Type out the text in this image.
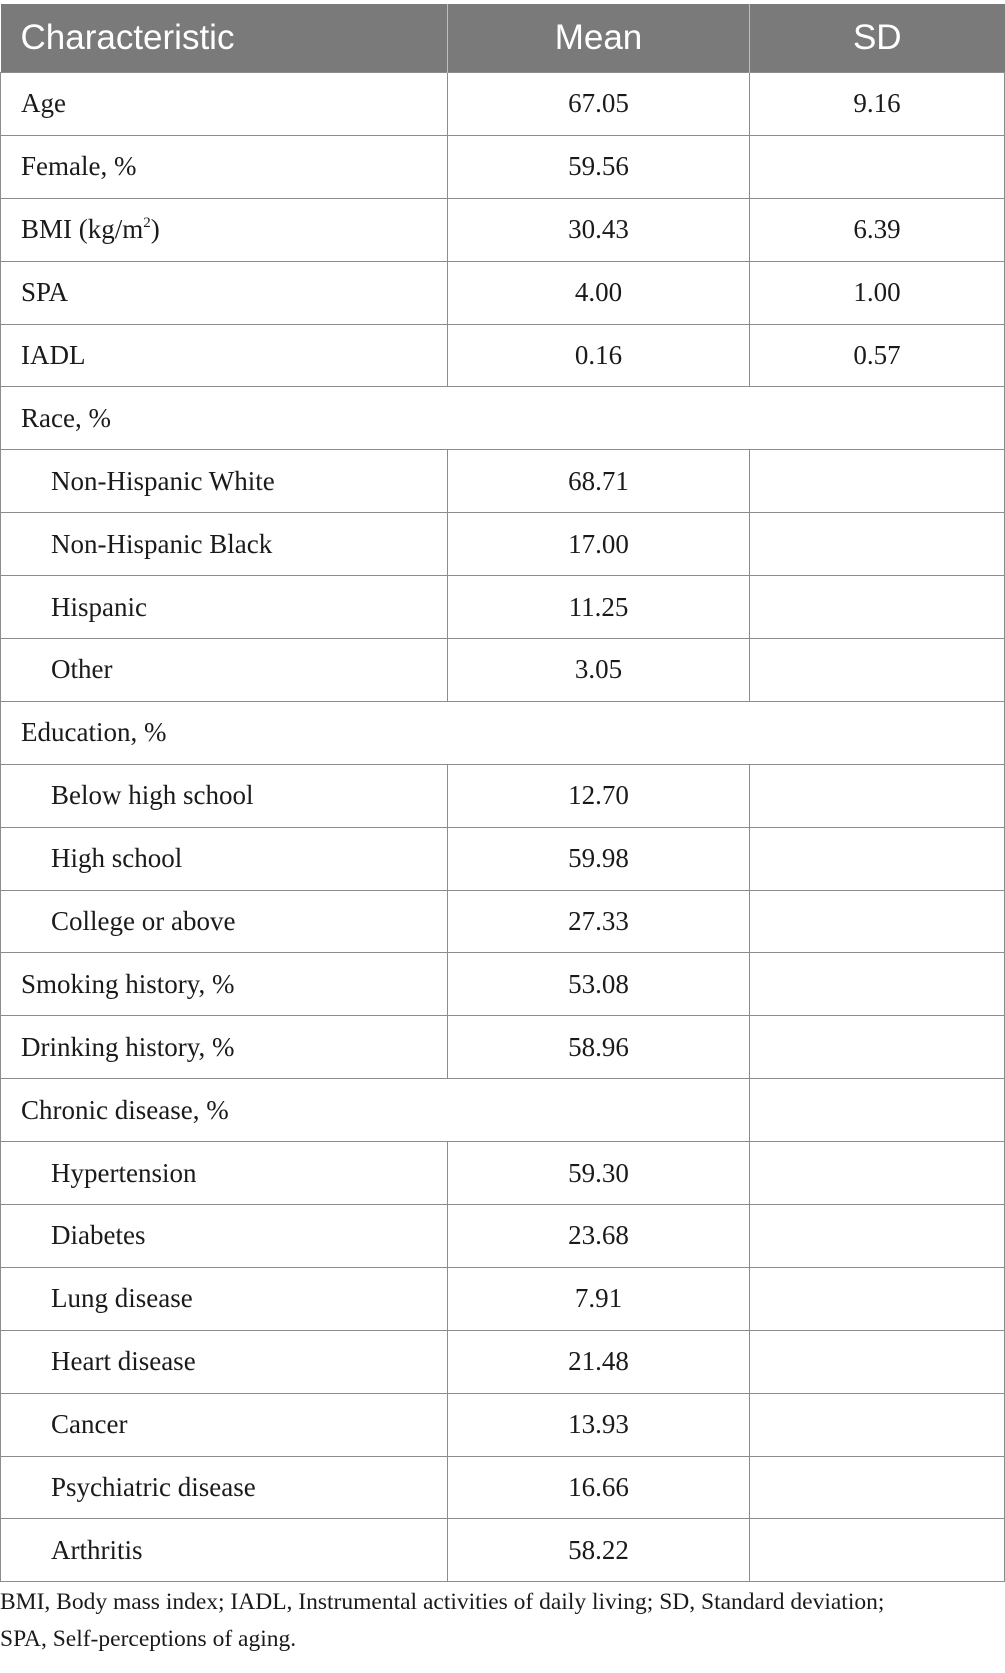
Characteristic	Mean	SD
Age	67.05	9.16
Female, %	59.56	
BMI $(kg/m^2)$	30.43	6.39
SPA	4.00	1.00
IADL	0.16	0.57
Race, %		
Non-Hispanic White	68.71	
Non-Hispanic Black	17.00	
Hispanic	11.25	
Other	3.05	
Education, %		
Below high school	12.70	
High school	59.98	
College or above	27.33	
Smoking history, %	53.08	
Drinking history, %	58.96	
Chronic disease, %		
Hypertension	59.30	
Diabetes	23.68	
Lung disease	7.91	
Heart disease	21.48	
Cancer	13.93	
Psychiatric disease	16.66	
Arthritis	58.22	
BMI, Body mass index; IADL, Instrumental activities of daily living; SD, Standard deviation;
SPA, Self-perceptions of aging.
